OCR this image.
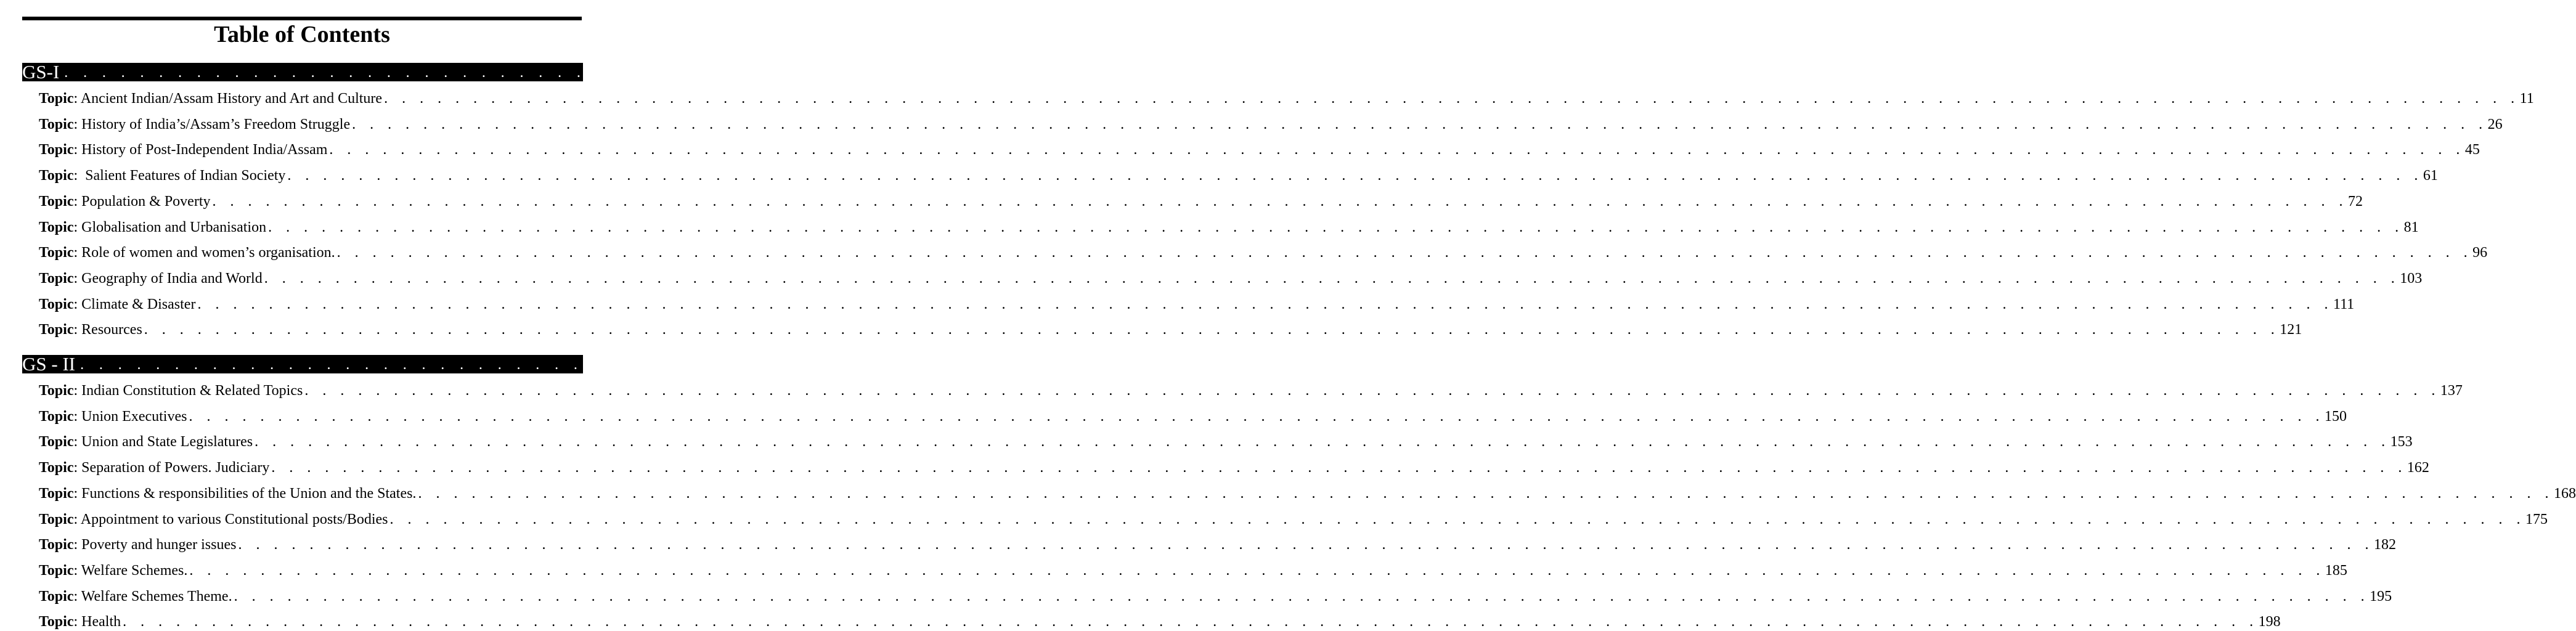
Table of Contents
GS-I . . . . . . . . . . . . . . . . . . . . . . . . . . . . . . . . . . . . . . . . . . . . . . . . . . . . . . . . . . . . . . . . . . . . . . . . . . . . . . . . . . . . . . . . . . . . . . . . . . . . . . . . . . . . . . . . . . . . . . . . 11
Topic : Ancient Indian/Assam History and Art and Culture . . . . . . . . . . . . . . . . . . . . . . . . . . . . . . . . . . . . . . . . . . . . . . . . . . . . . . . . . . . . . . . . . . . . . . . . . . . . . . . . . . . . . . . . . . . . . . . . . . . . . . . . . . . . . . . . . . . . . . . . 11
Topic : History of India’s/Assam’s Freedom Struggle . . . . . . . . . . . . . . . . . . . . . . . . . . . . . . . . . . . . . . . . . . . . . . . . . . . . . . . . . . . . . . . . . . . . . . . . . . . . . . . . . . . . . . . . . . . . . . . . . . . . . . . . . . . . . . . . . . . . . . . . 26
Topic : History of Post-Independent India/Assam . . . . . . . . . . . . . . . . . . . . . . . . . . . . . . . . . . . . . . . . . . . . . . . . . . . . . . . . . . . . . . . . . . . . . . . . . . . . . . . . . . . . . . . . . . . . . . . . . . . . . . . . . . . . . . . . . . . . . . . . 45
Topic :  Salient Features of Indian Society . . . . . . . . . . . . . . . . . . . . . . . . . . . . . . . . . . . . . . . . . . . . . . . . . . . . . . . . . . . . . . . . . . . . . . . . . . . . . . . . . . . . . . . . . . . . . . . . . . . . . . . . . . . . . . . . . . . . . . . . 61
Topic : Population & Poverty . . . . . . . . . . . . . . . . . . . . . . . . . . . . . . . . . . . . . . . . . . . . . . . . . . . . . . . . . . . . . . . . . . . . . . . . . . . . . . . . . . . . . . . . . . . . . . . . . . . . . . . . . . . . . . . . . . . . . . . . 72
Topic : Globalisation and Urbanisation . . . . . . . . . . . . . . . . . . . . . . . . . . . . . . . . . . . . . . . . . . . . . . . . . . . . . . . . . . . . . . . . . . . . . . . . . . . . . . . . . . . . . . . . . . . . . . . . . . . . . . . . . . . . . . . . . . . . . . . . 81
Topic : Role of women and women’s organisation. . . . . . . . . . . . . . . . . . . . . . . . . . . . . . . . . . . . . . . . . . . . . . . . . . . . . . . . . . . . . . . . . . . . . . . . . . . . . . . . . . . . . . . . . . . . . . . . . . . . . . . . . . . . . . . . . . . . . . . . . 96
Topic : Geography of India and World . . . . . . . . . . . . . . . . . . . . . . . . . . . . . . . . . . . . . . . . . . . . . . . . . . . . . . . . . . . . . . . . . . . . . . . . . . . . . . . . . . . . . . . . . . . . . . . . . . . . . . . . . . . . . . . . . . . . . . . . 103
Topic : Climate & Disaster . . . . . . . . . . . . . . . . . . . . . . . . . . . . . . . . . . . . . . . . . . . . . . . . . . . . . . . . . . . . . . . . . . . . . . . . . . . . . . . . . . . . . . . . . . . . . . . . . . . . . . . . . . . . . . . . . . . . . . . . 111
Topic : Resources . . . . . . . . . . . . . . . . . . . . . . . . . . . . . . . . . . . . . . . . . . . . . . . . . . . . . . . . . . . . . . . . . . . . . . . . . . . . . . . . . . . . . . . . . . . . . . . . . . . . . . . . . . . . . . . . . . . . . . . . 121
GS - II . . . . . . . . . . . . . . . . . . . . . . . . . . . . . . . . . . . . . . . . . . . . . . . . . . . . . . . . . . . . . . . . . . . . . . . . . . . . . . . . . . . . . . . . . . . . . . . . . . . . . . . . . . . . . . . . . . . . . . . . 137
Topic : Indian Constitution & Related Topics . . . . . . . . . . . . . . . . . . . . . . . . . . . . . . . . . . . . . . . . . . . . . . . . . . . . . . . . . . . . . . . . . . . . . . . . . . . . . . . . . . . . . . . . . . . . . . . . . . . . . . . . . . . . . . . . . . . . . . . . 137
Topic : Union Executives . . . . . . . . . . . . . . . . . . . . . . . . . . . . . . . . . . . . . . . . . . . . . . . . . . . . . . . . . . . . . . . . . . . . . . . . . . . . . . . . . . . . . . . . . . . . . . . . . . . . . . . . . . . . . . . . . . . . . . . . 150
Topic : Union and State Legislatures . . . . . . . . . . . . . . . . . . . . . . . . . . . . . . . . . . . . . . . . . . . . . . . . . . . . . . . . . . . . . . . . . . . . . . . . . . . . . . . . . . . . . . . . . . . . . . . . . . . . . . . . . . . . . . . . . . . . . . . . 153
Topic : Separation of Powers. Judiciary . . . . . . . . . . . . . . . . . . . . . . . . . . . . . . . . . . . . . . . . . . . . . . . . . . . . . . . . . . . . . . . . . . . . . . . . . . . . . . . . . . . . . . . . . . . . . . . . . . . . . . . . . . . . . . . . . . . . . . . . 162
Topic : Functions & responsibilities of the Union and the States. . . . . . . . . . . . . . . . . . . . . . . . . . . . . . . . . . . . . . . . . . . . . . . . . . . . . . . . . . . . . . . . . . . . . . . . . . . . . . . . . . . . . . . . . . . . . . . . . . . . . . . . . . . . . . . . . . . . . . . . . 168
Topic : Appointment to various Constitutional posts/Bodies . . . . . . . . . . . . . . . . . . . . . . . . . . . . . . . . . . . . . . . . . . . . . . . . . . . . . . . . . . . . . . . . . . . . . . . . . . . . . . . . . . . . . . . . . . . . . . . . . . . . . . . . . . . . . . . . . . . . . . . . 175
Topic : Poverty and hunger issues . . . . . . . . . . . . . . . . . . . . . . . . . . . . . . . . . . . . . . . . . . . . . . . . . . . . . . . . . . . . . . . . . . . . . . . . . . . . . . . . . . . . . . . . . . . . . . . . . . . . . . . . . . . . . . . . . . . . . . . . 182
Topic : Welfare Schemes. . . . . . . . . . . . . . . . . . . . . . . . . . . . . . . . . . . . . . . . . . . . . . . . . . . . . . . . . . . . . . . . . . . . . . . . . . . . . . . . . . . . . . . . . . . . . . . . . . . . . . . . . . . . . . . . . . . . . . . . . 185
Topic : Welfare Schemes Theme. . . . . . . . . . . . . . . . . . . . . . . . . . . . . . . . . . . . . . . . . . . . . . . . . . . . . . . . . . . . . . . . . . . . . . . . . . . . . . . . . . . . . . . . . . . . . . . . . . . . . . . . . . . . . . . . . . . . . . . . . 195
Topic : Health . . . . . . . . . . . . . . . . . . . . . . . . . . . . . . . . . . . . . . . . . . . . . . . . . . . . . . . . . . . . . . . . . . . . . . . . . . . . . . . . . . . . . . . . . . . . . . . . . . . . . . . . . . . . . . . . . . . . . . . . 198
